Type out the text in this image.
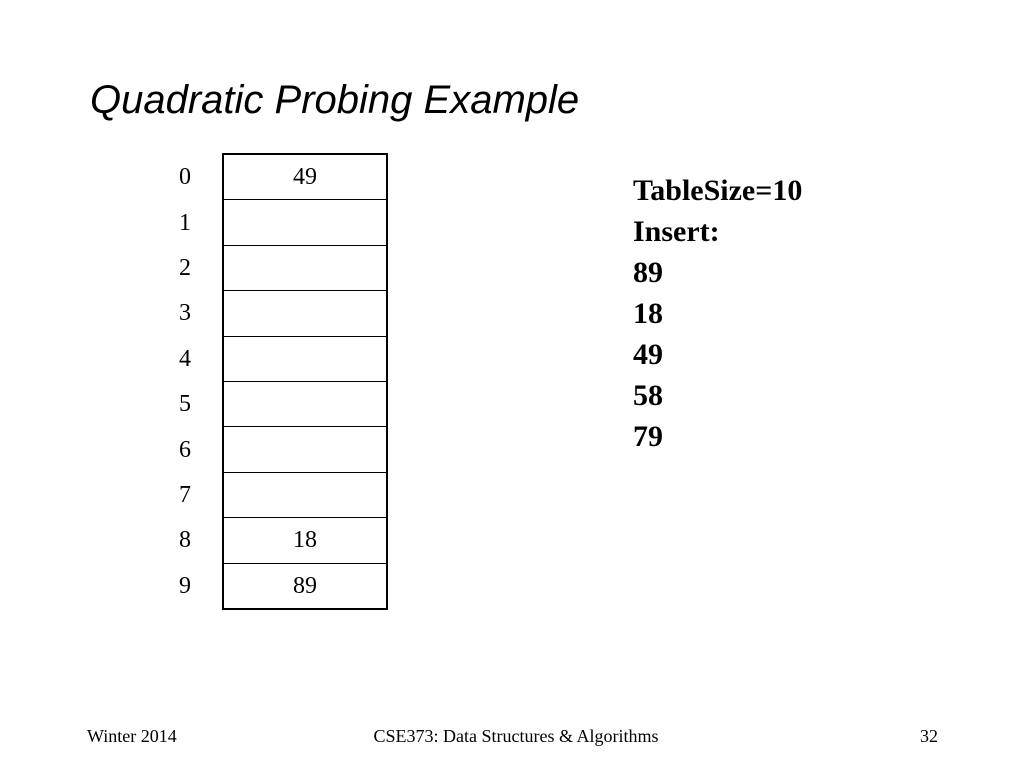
Quadratic Probing Example
0	49
1	
2	
3	
4	
5	
6	
7	
8	18
9	89
TableSize=10
Insert:
89
18
49
58
79
Winter 2014	CSE373: Data Structures & Algorithms	32
